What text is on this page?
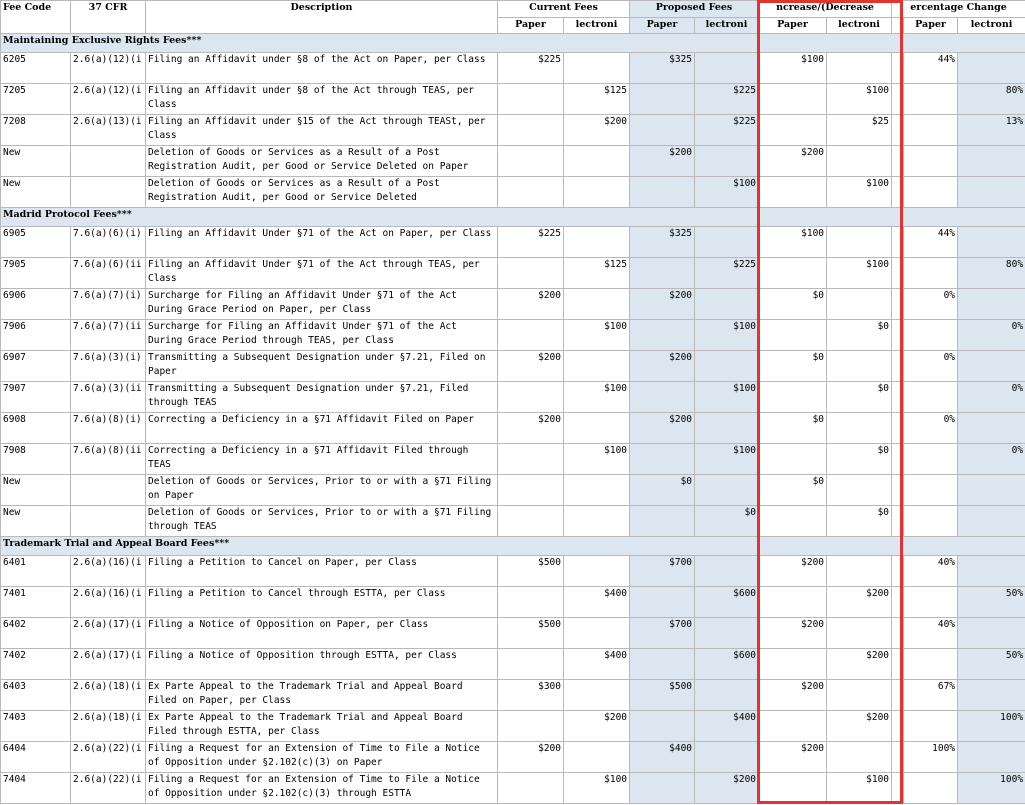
Fee Code	37 CFR	Description	Current Fees		Proposed Fees		ncrease/(Decrease		ercentage Change		
			Paper	lectroni	Paper	lectroni	Paper	lectroni		Paper	lectroni
Maintaining Exclusive Rights Fees***											
6205	2.6(a)(12)(i	Filing an Affidavit under §8 of the Act on Paper, per Class	$225		$325		$100			44%	
7205	2.6(a)(12)(i	Filing an Affidavit under §8 of the Act through TEAS, per Class		$125		$225		$100			80%
7208	2.6(a)(13)(i	Filing an Affidavit under §15 of the Act through TEASt, per Class		$200		$225		$25			13%
New		Deletion of Goods or Services as a Result of a Post Registration Audit, per Good or Service Deleted on Paper			$200		$200				
New		Deletion of Goods or Services as a Result of a Post Registration Audit, per Good or Service Deleted				$100		$100			
Madrid Protocol Fees***											
6905	7.6(a)(6)(i)	Filing an Affidavit Under §71 of the Act on Paper, per Class	$225		$325		$100			44%	
7905	7.6(a)(6)(ii	Filing an Affidavit Under §71 of the Act through TEAS, per Class		$125		$225		$100			80%
6906	7.6(a)(7)(i)	Surcharge for Filing an Affidavit Under §71 of the Act During Grace Period on Paper, per Class	$200		$200		$0			0%	
7906	7.6(a)(7)(ii	Surcharge for Filing an Affidavit Under §71 of the Act During Grace Period through TEAS, per Class		$100		$100		$0			0%
6907	7.6(a)(3)(i)	Transmitting a Subsequent Designation under §7.21, Filed on Paper	$200		$200		$0			0%	
7907	7.6(a)(3)(ii	Transmitting a Subsequent Designation under §7.21, Filed through TEAS		$100		$100		$0			0%
6908	7.6(a)(8)(i)	Correcting a Deficiency in a §71 Affidavit Filed on Paper	$200		$200		$0			0%	
7908	7.6(a)(8)(ii	Correcting a Deficiency in a §71 Affidavit Filed through TEAS		$100		$100		$0			0%
New		Deletion of Goods or Services, Prior to or with a §71 Filing on Paper			$0		$0				
New		Deletion of Goods or Services, Prior to or with a §71 Filing through TEAS				$0		$0			
Trademark Trial and Appeal Board Fees***											
6401	2.6(a)(16)(i	Filing a Petition to Cancel on Paper, per Class	$500		$700		$200			40%	
7401	2.6(a)(16)(i	Filing a Petition to Cancel through ESTTA, per Class		$400		$600		$200			50%
6402	2.6(a)(17)(i	Filing a Notice of Opposition on Paper, per Class	$500		$700		$200			40%	
7402	2.6(a)(17)(i	Filing a Notice of Opposition through ESTTA, per Class		$400		$600		$200			50%
6403	2.6(a)(18)(i	Ex Parte Appeal to the Trademark Trial and Appeal Board Filed on Paper, per Class	$300		$500		$200			67%	
7403	2.6(a)(18)(i	Ex Parte Appeal to the Trademark Trial and Appeal Board Filed through ESTTA, per Class		$200		$400		$200			100%
6404	2.6(a)(22)(i	Filing a Request for an Extension of Time to File a Notice of Opposition under §2.102(c)(3) on Paper	$200		$400		$200			100%	
7404	2.6(a)(22)(i	Filing a Request for an Extension of Time to File a Notice of Opposition under §2.102(c)(3) through ESTTA		$100		$200		$100			100%
